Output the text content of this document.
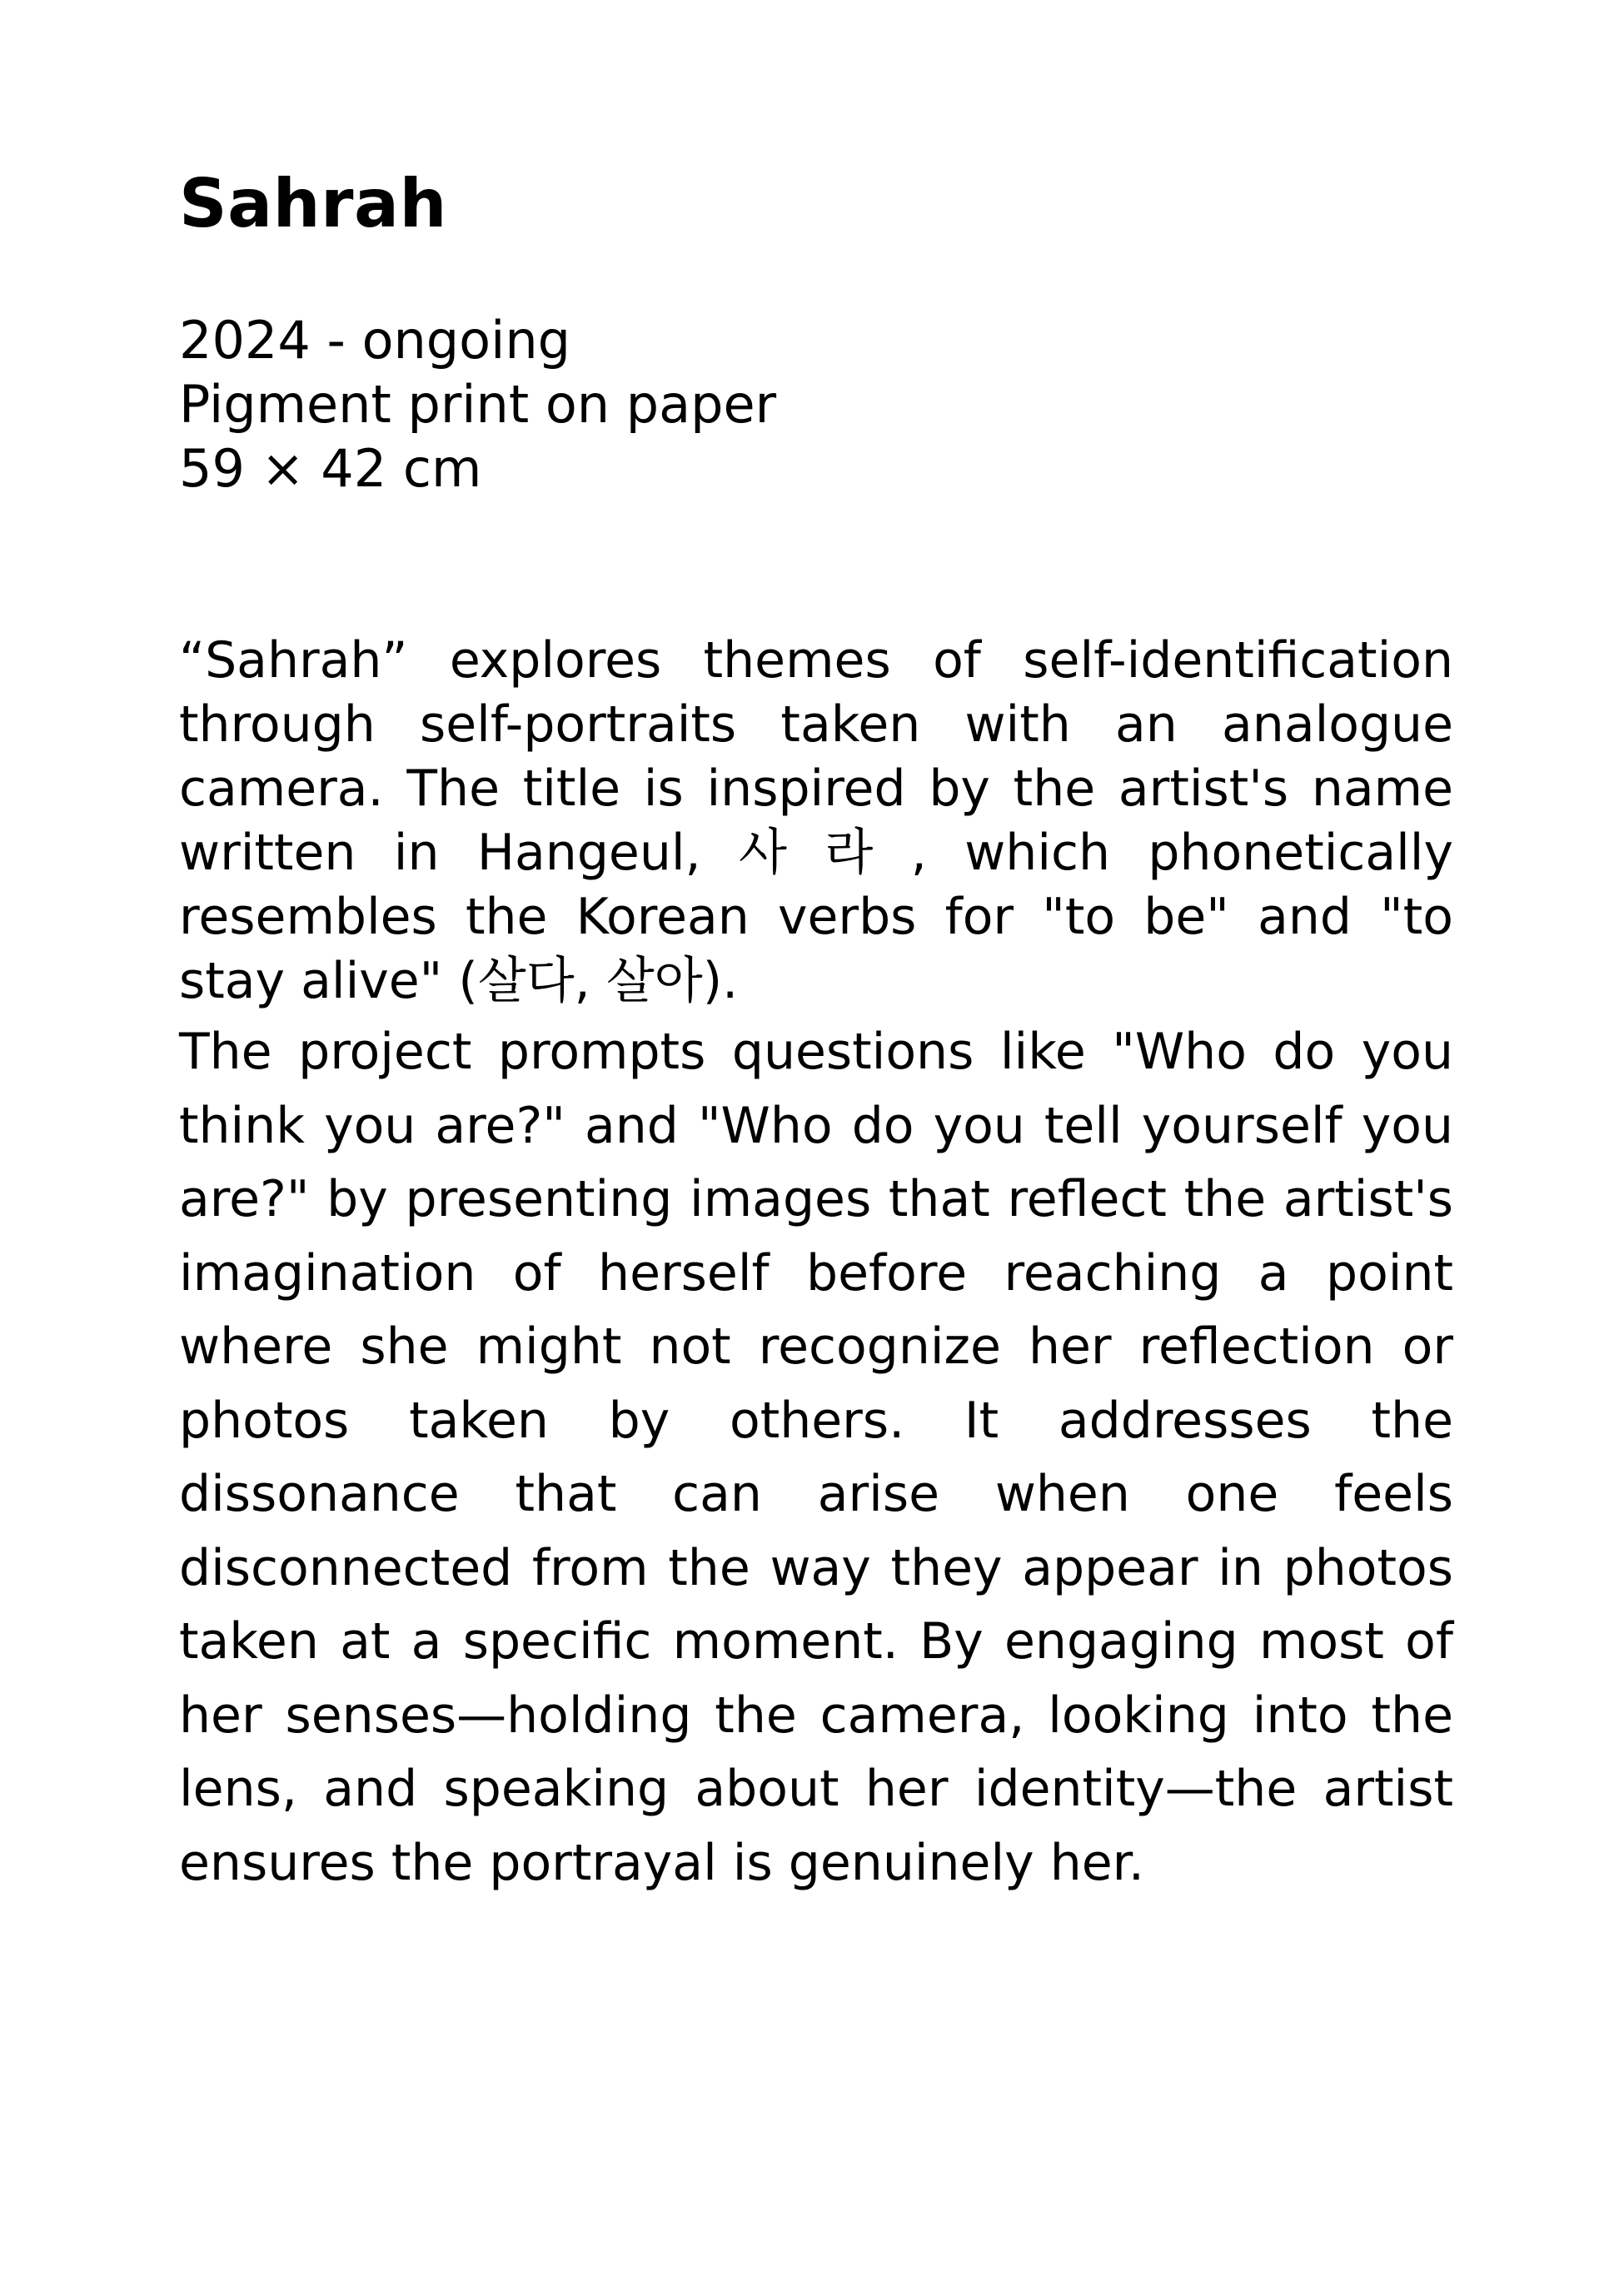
Sahrah
2024 - ongoing
Pigment print on paper
59 × 42 cm

“Sahrah” explores themes of self-identification through self-portraits taken with an analogue camera. The title is inspired by the artist's name written in Hangeul, 사 라 , which phonetically resembles the Korean verbs for "to be" and "to stay alive" (살다, 살아).

The project prompts questions like "Who do you think you are?" and "Who do you tell yourself you are?" by presenting images that reflect the artist's imagination of herself before reaching a point where she might not recognize her reflection or photos taken by others. It addresses the dissonance that can arise when one feels disconnected from the way they appear in photos taken at a specific moment. By engaging most of her senses—holding the camera, looking into the lens, and speaking about her identity—the artist ensures the portrayal is genuinely her.
